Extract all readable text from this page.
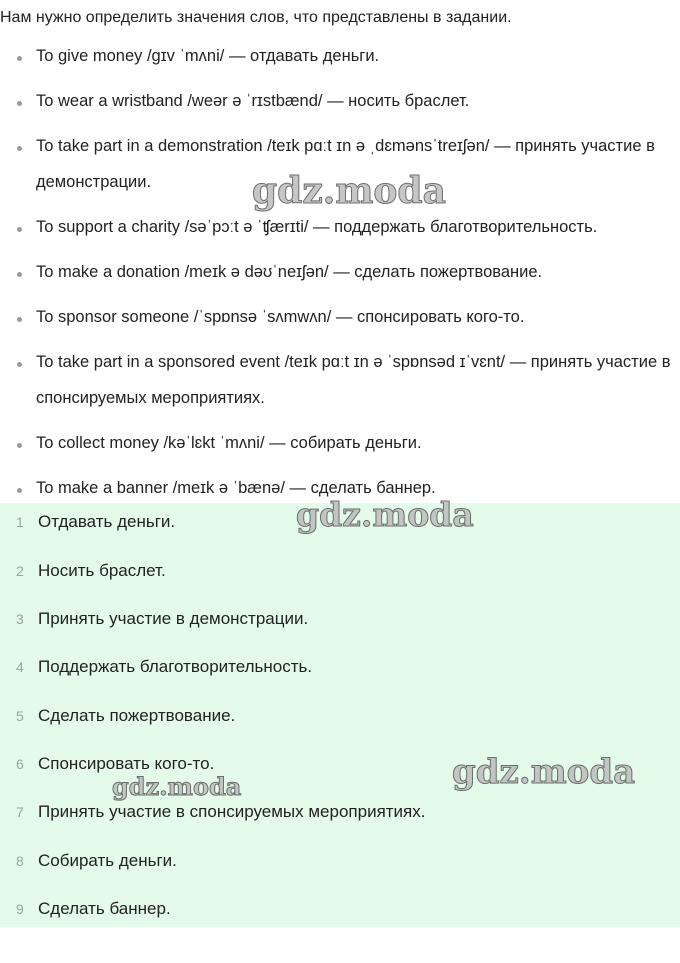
Нам нужно определить значения слов, что представлены в задании.
To give money /gɪv ˈmʌni/ — отдавать деньги.
To wear a wristband /weər ə ˈrɪstbænd/ — носить браслет.
To take part in a demonstration /teɪk pɑːt ɪn ə ˌdɛmənsˈtreɪʃən/ — принять участие в демонстрации.
To support a charity /səˈpɔːt ə ˈʧærɪti/ — поддержать благотворительность.
To make a donation /meɪk ə dəʊˈneɪʃən/ — сделать пожертвование.
To sponsor someone /ˈspɒnsə ˈsʌmwʌn/ — спонсировать кого-то.
To take part in a sponsored event /teɪk pɑːt ɪn ə ˈspɒnsəd ɪˈvɛnt/ — принять участие в спонсируемых мероприятиях.
To collect money /kəˈlɛkt ˈmʌni/ — собирать деньги.
To make a banner /meɪk ə ˈbænə/ — сделать баннер.
1 Отдавать деньги.
2 Носить браслет.
3 Принять участие в демонстрации.
4 Поддержать благотворительность.
5 Сделать пожертвование.
6 Спонсировать кого-то.
7 Принять участие в спонсируемых мероприятиях.
8 Собирать деньги.
9 Сделать баннер.
gdz.moda
gdz.moda
gdz.moda
gdz.moda
